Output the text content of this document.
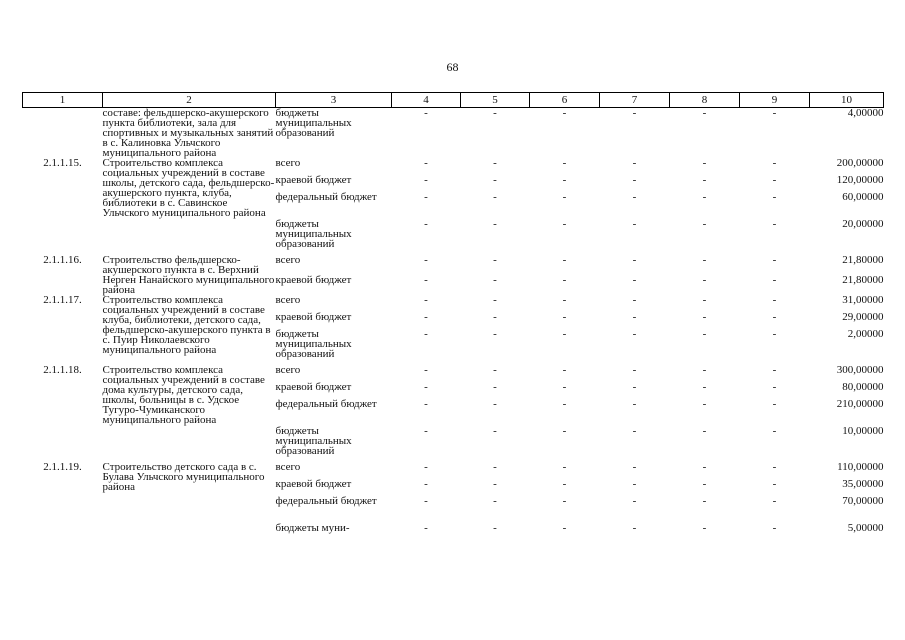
68
1	2	3	4	5	6	7	8	9	10
	составе: фельдшерско-акушерского пункта библиотеки, зала для спортивных и музыкальных занятий в с. Калиновка Ульчского муниципального района	бюджеты муниципальных образований	-	-	-	-	-	-	4,00000
2.1.1.15.	Строительство комплекса социальных учреждений в составе школы, детского сада, фельдшерско-акушерского пункта, клуба, библиотеки в с. Савинское Ульчского муниципального района	всего	-	-	-	-	-	-	200,00000
		краевой бюджет	-	-	-	-	-	-	120,00000
		федеральный бюджет	-	-	-	-	-	-	60,00000
		бюджеты муниципальных образований	-	-	-	-	-	-	20,00000
2.1.1.16.	Строительство фельдшерско-акушерского пункта в с. Верхний Нерген Нанайского муниципального района	всего	-	-	-	-	-	-	21,80000
		краевой бюджет	-	-	-	-	-	-	21,80000
2.1.1.17.	Строительство комплекса социальных учреждений в составе клуба, библиотеки, детского сада, фельдшерско-акушерского пункта в с. Пуир Николаевского муниципального района	всего	-	-	-	-	-	-	31,00000
		краевой бюджет	-	-	-	-	-	-	29,00000
		бюджеты муниципальных образований	-	-	-	-	-	-	2,00000
2.1.1.18.	Строительство комплекса социальных учреждений в составе дома культуры, детского сада, школы, больницы в с. Удское Тугуро-Чумиканского муниципального района	всего	-	-	-	-	-	-	300,00000
		краевой бюджет	-	-	-	-	-	-	80,00000
		федеральный бюджет	-	-	-	-	-	-	210,00000
		бюджеты муниципальных образований	-	-	-	-	-	-	10,00000
2.1.1.19.	Строительство детского сада в с. Булава Ульчского муниципального района	всего	-	-	-	-	-	-	110,00000
		краевой бюджет	-	-	-	-	-	-	35,00000
		федеральный бюджет	-	-	-	-	-	-	70,00000
		бюджеты муни-	-	-	-	-	-	-	5,00000
